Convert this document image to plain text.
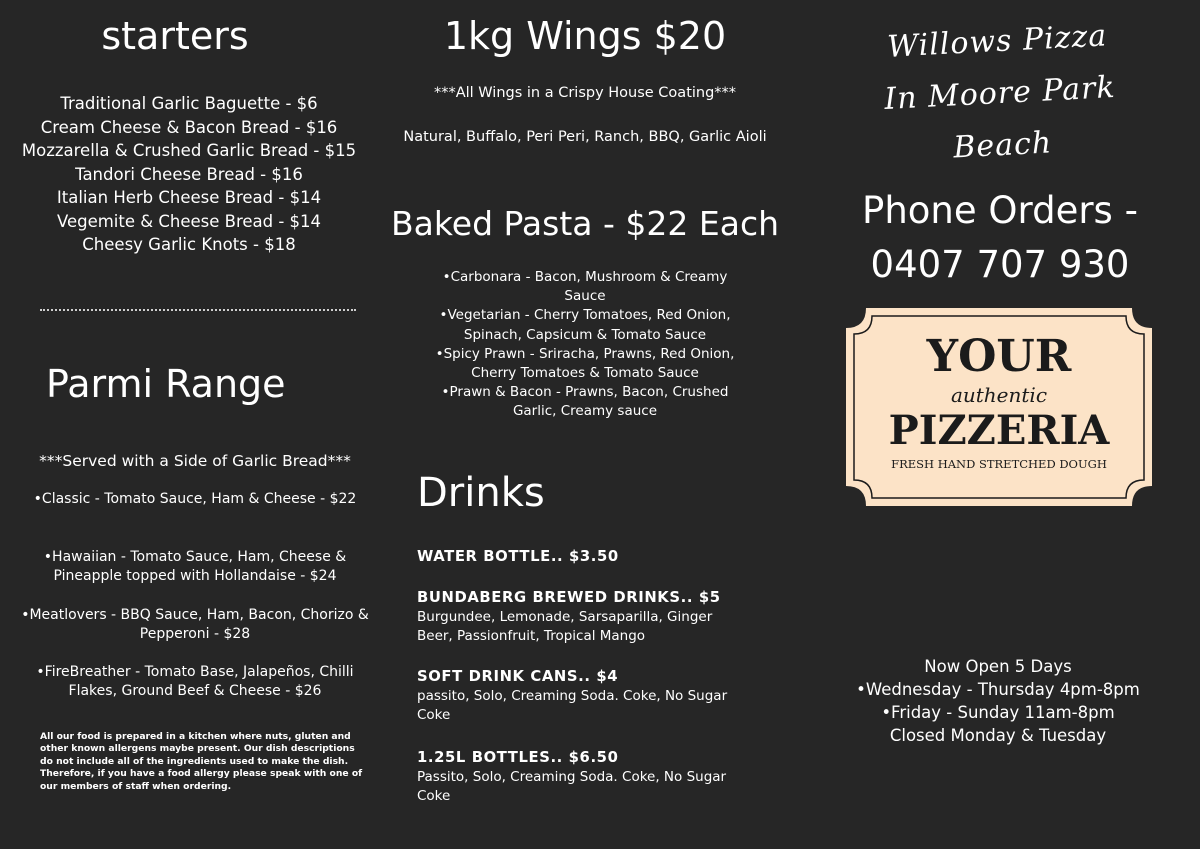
starters
Traditional Garlic Baguette - $6
Cream Cheese & Bacon Bread - $16
Mozzarella & Crushed Garlic Bread - $15
Tandori Cheese Bread - $16
Italian Herb Cheese Bread - $14
Vegemite & Cheese Bread - $14
Cheesy Garlic Knots - $18
Parmi Range
***Served with a Side of Garlic Bread***
•Classic - Tomato Sauce, Ham & Cheese - $22
•Hawaiian - Tomato Sauce, Ham, Cheese & Pineapple topped with Hollandaise - $24
•Meatlovers - BBQ Sauce, Ham, Bacon, Chorizo & Pepperoni - $28
•FireBreather - Tomato Base, Jalapeños, Chilli Flakes, Ground Beef & Cheese - $26
All our food is prepared in a kitchen where nuts, gluten and other known allergens maybe present. Our dish descriptions do not include all of the ingredients used to make the dish. Therefore, if you have a food allergy please speak with one of our members of staff when ordering.
1kg Wings $20
***All Wings in a Crispy House Coating***
Natural, Buffalo, Peri Peri, Ranch, BBQ, Garlic Aioli
Baked Pasta - $22 Each
•Carbonara - Bacon, Mushroom & Creamy Sauce
•Vegetarian - Cherry Tomatoes, Red Onion, Spinach, Capsicum & Tomato Sauce
•Spicy Prawn - Sriracha, Prawns, Red Onion, Cherry Tomatoes & Tomato Sauce
•Prawn & Bacon - Prawns, Bacon, Crushed Garlic, Creamy sauce
Drinks
WATER BOTTLE.. $3.50
BUNDABERG BREWED DRINKS.. $5
Burgundee, Lemonade, Sarsaparilla, Ginger Beer, Passionfruit, Tropical Mango
SOFT DRINK CANS.. $4
passito, Solo, Creaming Soda. Coke, No Sugar Coke
1.25L BOTTLES.. $6.50
Passito, Solo, Creaming Soda. Coke, No Sugar Coke
Willows Pizza
In Moore Park Beach
Phone Orders -
0407 707 930
YOUR
authentic
PIZZERIA
FRESH HAND STRETCHED DOUGH
Now Open 5 Days
•Wednesday - Thursday 4pm-8pm
•Friday - Sunday 11am-8pm
Closed Monday & Tuesday
